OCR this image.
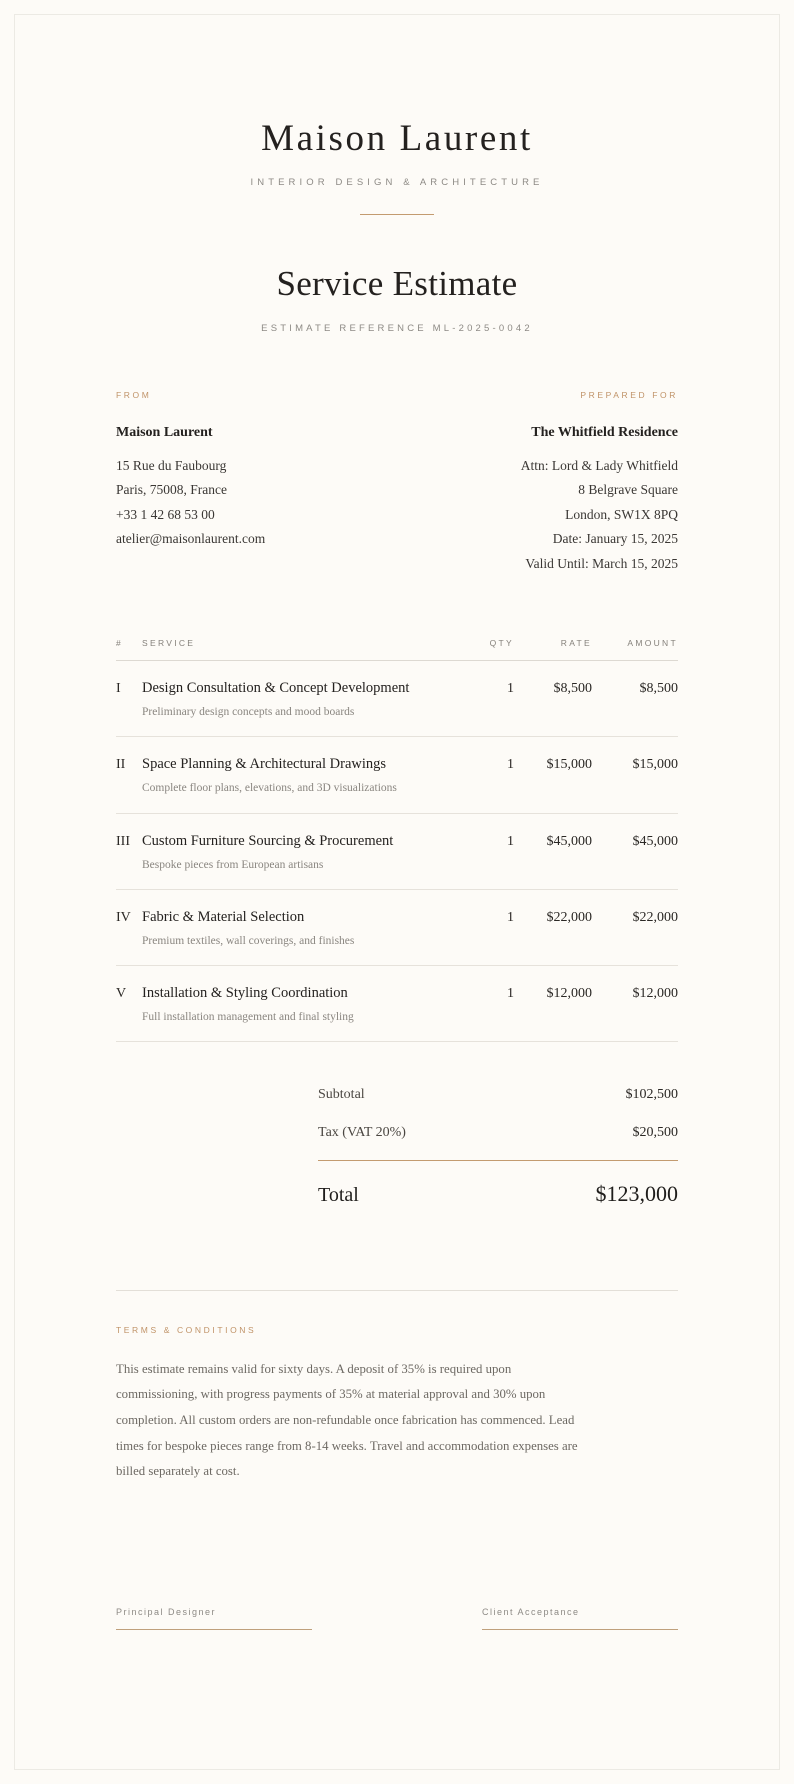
Maison Laurent
INTERIOR DESIGN & ARCHITECTURE
Service Estimate
ESTIMATE REFERENCE ML-2025-0042
FROM
Maison Laurent
15 Rue du Faubourg
Paris, 75008, France
+33 1 42 68 53 00
atelier@maisonlaurent.com
PREPARED FOR
The Whitfield Residence
Attn: Lord & Lady Whitfield
8 Belgrave Square
London, SW1X 8PQ
Date: January 15, 2025
Valid Until: March 15, 2025
#	SERVICE	QTY	RATE	AMOUNT
I	Design Consultation & Concept Development	1	$8,500	$8,500
Preliminary design concepts and mood boards
II	Space Planning & Architectural Drawings	1	$15,000	$15,000
Complete floor plans, elevations, and 3D visualizations
III Custom Furniture Sourcing & Procurement	1	$45,000	$45,000
Bespoke pieces from European artisans
IV Fabric & Material Selection	1	$22,000	$22,000
Premium textiles, wall coverings, and finishes
V	Installation & Styling Coordination	1	$12,000	$12,000
Full installation management and final styling
Subtotal	$102,500
Tax (VAT 20%)	$20,500
Total	$123,000
TERMS & CONDITIONS
This estimate remains valid for sixty days. A deposit of 35% is required upon commissioning, with progress payments of 35% at material approval and 30% upon completion. All custom orders are non-refundable once fabrication has commenced. Lead times for bespoke pieces range from 8-14 weeks. Travel and accommodation expenses are billed separately at cost.
Principal Designer	Client Acceptance
